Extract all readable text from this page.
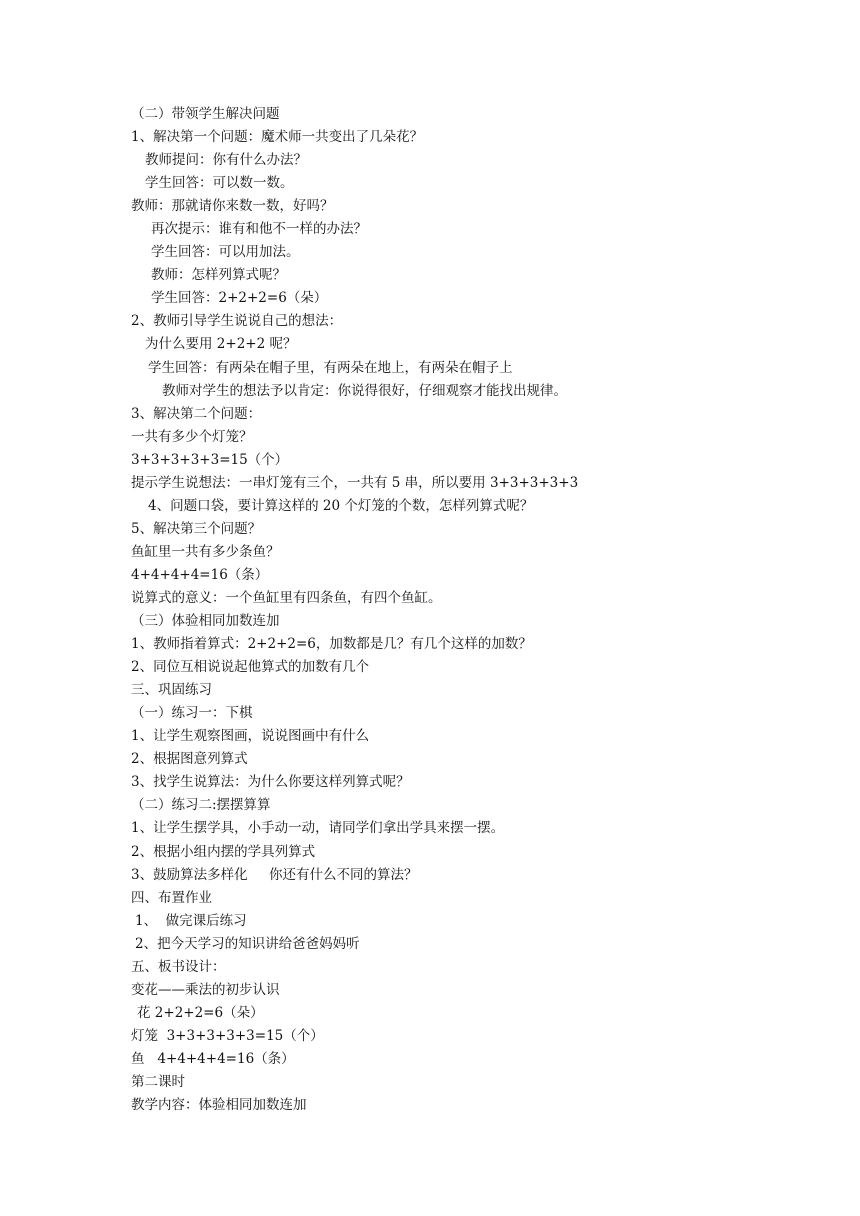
（二）带领学生解决问题
1、解决第一个问题：魔术师一共变出了几朵花？
教师提问：你有什么办法？
学生回答：可以数一数。
教师：那就请你来数一数，好吗？
再次提示：谁有和他不一样的办法？
学生回答：可以用加法。
教师：怎样列算式呢？
学生回答：2+2+2=6（朵）
2、教师引导学生说说自己的想法：
为什么要用 2+2+2 呢？
学生回答：有两朵在帽子里，有两朵在地上，有两朵在帽子上
教师对学生的想法予以肯定：你说得很好，仔细观察才能找出规律。
3、解决第二个问题：
一共有多少个灯笼？
3+3+3+3+3=15（个）
提示学生说想法：一串灯笼有三个，一共有 5 串，所以要用 3+3+3+3+3
4、问题口袋，要计算这样的 20 个灯笼的个数，怎样列算式呢？
5、解决第三个问题？
鱼缸里一共有多少条鱼？
4+4+4+4=16（条）
说算式的意义：一个鱼缸里有四条鱼，有四个鱼缸。
（三）体验相同加数连加
1、教师指着算式：2+2+2=6，加数都是几？有几个这样的加数？
2、同位互相说说起他算式的加数有几个
三、巩固练习
（一）练习一：下棋
1、让学生观察图画，说说图画中有什么
2、根据图意列算式
3、找学生说算法：为什么你要这样列算式呢？
（二）练习二:摆摆算算
1、让学生摆学具，小手动一动，请同学们拿出学具来摆一摆。
2、根据小组内摆的学具列算式
3、鼓励算法多样化     你还有什么不同的算法？
四、布置作业
1、  做完课后练习
2、把今天学习的知识讲给爸爸妈妈听
五、板书设计：
变花——乘法的初步认识
花 2+2+2=6（朵）
灯笼  3+3+3+3+3=15（个）
鱼   4+4+4+4=16（条）
第二课时
教学内容：体验相同加数连加
